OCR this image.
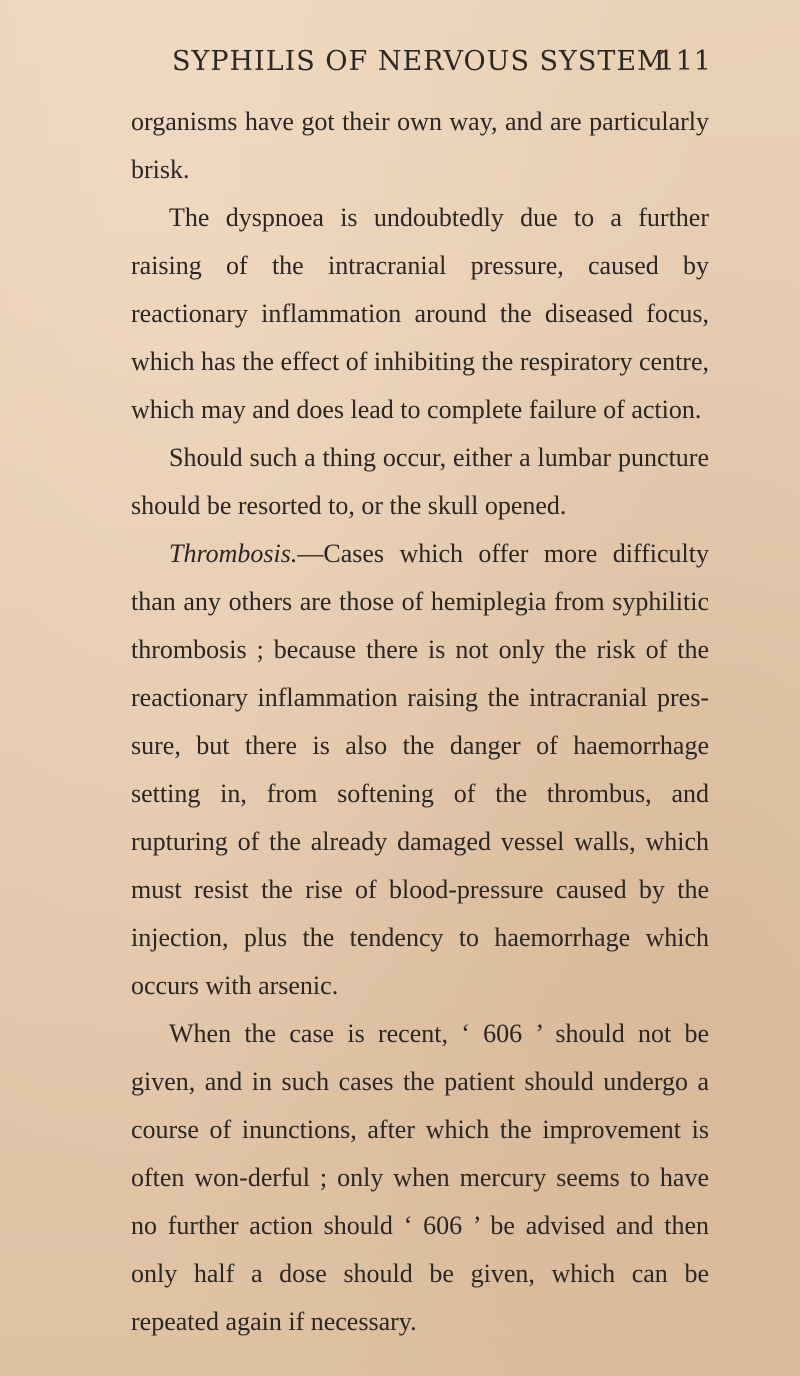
SYPHILIS OF NERVOUS SYSTEM
111

organisms have got their own way, and are particularly brisk.

The dyspnoea is undoubtedly due to a further raising of the intracranial pressure, caused by reactionary inflammation around the diseased focus, which has the effect of inhibiting the respiratory centre, which may and does lead to complete failure of action.

Should such a thing occur, either a lumbar puncture should be resorted to, or the skull opened.

Thrombosis.—Cases which offer more difficulty than any others are those of hemiplegia from syphilitic thrombosis ; because there is not only the risk of the reactionary inflammation raising the intracranial pres-sure, but there is also the danger of haemorrhage setting in, from softening of the thrombus, and rupturing of the already damaged vessel walls, which must resist the rise of blood-pressure caused by the injection, plus the tendency to haemorrhage which occurs with arsenic.

When the case is recent, ‘ 606 ’ should not be given, and in such cases the patient should undergo a course of inunctions, after which the improvement is often won-derful ; only when mercury seems to have no further action should ‘ 606 ’ be advised and then only half a dose should be given, which can be repeated again if necessary.
